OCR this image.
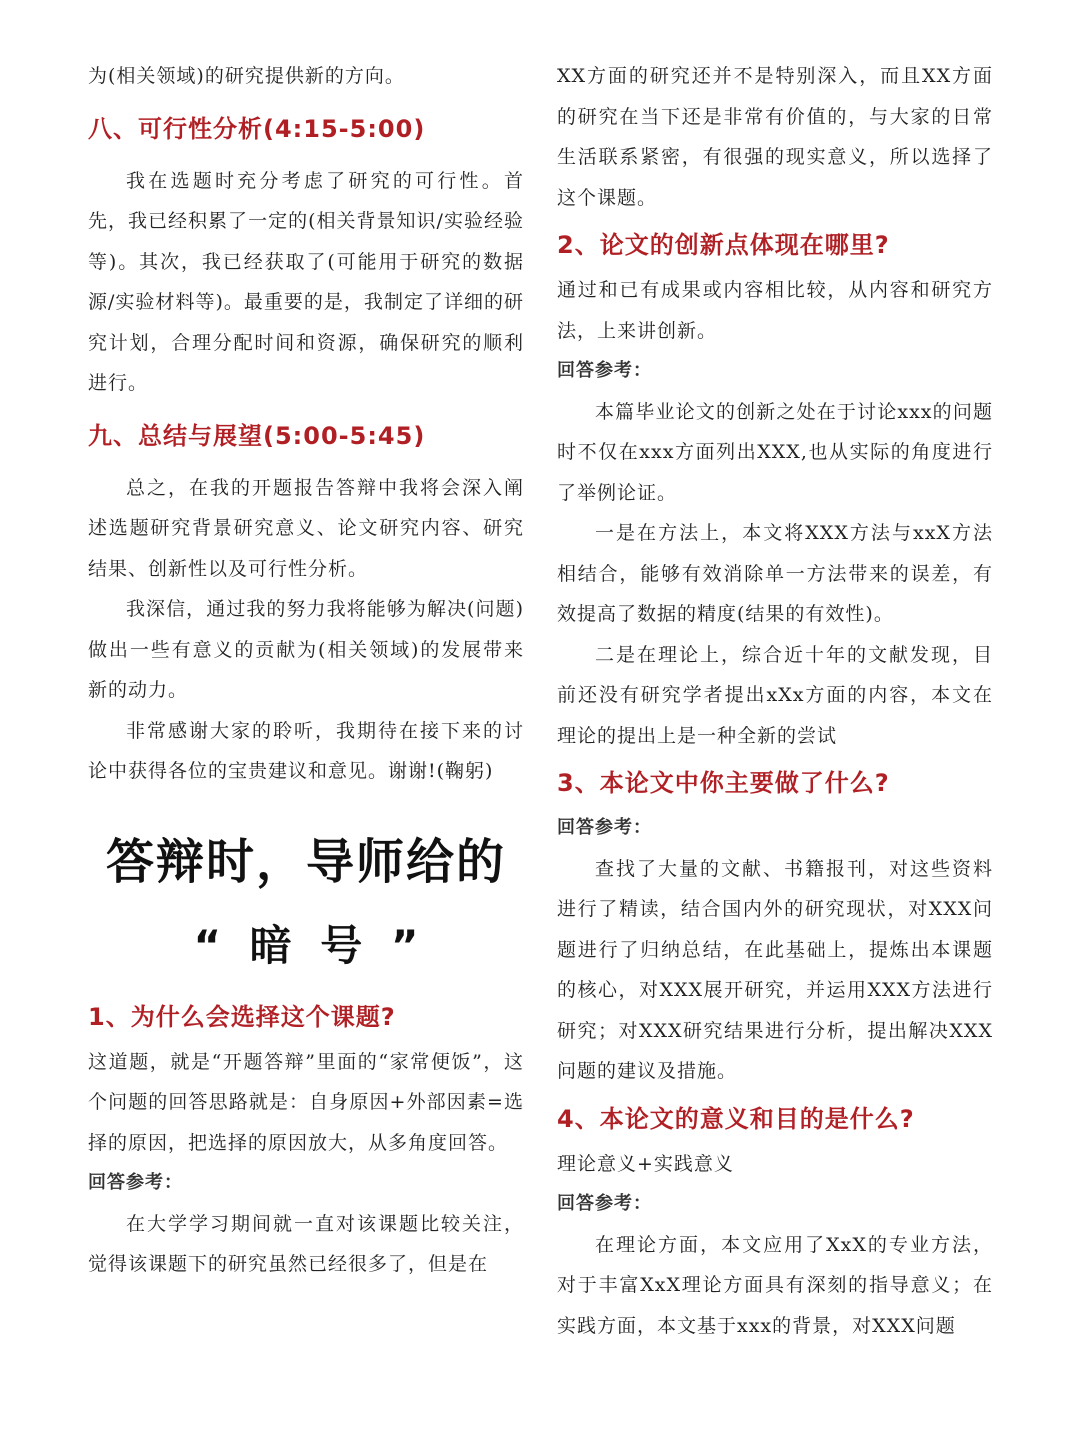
为(相关领域)的研究提供新的方向。

八、可行性分析(4:15-5:00)

我在选题时充分考虑了研究的可行性。首先，我已经积累了一定的(相关背景知识/实验经验等)。其次，我已经获取了(可能用于研究的数据源/实验材料等)。最重要的是，我制定了详细的研究计划，合理分配时间和资源，确保研究的顺利进行。

九、总结与展望(5:00-5:45)

总之，在我的开题报告答辩中我将会深入阐述选题研究背景研究意义、论文研究内容、研究结果、创新性以及可行性分析。

我深信，通过我的努力我将能够为解决(问题)做出一些有意义的贡献为(相关领域)的发展带来新的动力。

非常感谢大家的聆听，我期待在接下来的讨论中获得各位的宝贵建议和意见。谢谢!(鞠躬)

答辩时，导师给的
“ 暗 号 ”
1、为什么会选择这个课题?

这道题，就是“开题答辩”里面的“家常便饭”，这个问题的回答思路就是：自身原因+外部因素=选择的原因，把选择的原因放大，从多角度回答。

回答参考：

在大学学习期间就一直对该课题比较关注，觉得该课题下的研究虽然已经很多了，但是在

XX方面的研究还并不是特别深入，而且XX方面的研究在当下还是非常有价值的，与大家的日常生活联系紧密，有很强的现实意义，所以选择了这个课题。

2、论文的创新点体现在哪里?

通过和已有成果或内容相比较，从内容和研究方法，上来讲创新。

回答参考：

本篇毕业论文的创新之处在于讨论xxx的问题时不仅在xxx方面列出XXX,也从实际的角度进行了举例论证。

一是在方法上，本文将XXX方法与xxX方法相结合，能够有效消除单一方法带来的误差，有效提高了数据的精度(结果的有效性)。

二是在理论上，综合近十年的文献发现，目前还没有研究学者提出xXx方面的内容，本文在理论的提出上是一种全新的尝试

3、本论文中你主要做了什么?

回答参考：

查找了大量的文献、书籍报刊，对这些资料进行了精读，结合国内外的研究现状，对XXX问题进行了归纳总结，在此基础上，提炼出本课题的核心，对XXX展开研究，并运用XXX方法进行研究；对XXX研究结果进行分析，提出解决XXX问题的建议及措施。

4、本论文的意义和目的是什么?

理论意义+实践意义

回答参考：

在理论方面，本文应用了XxX的专业方法，对于丰富XxX理论方面具有深刻的指导意义；在实践方面，本文基于xxx的背景，对XXX问题
